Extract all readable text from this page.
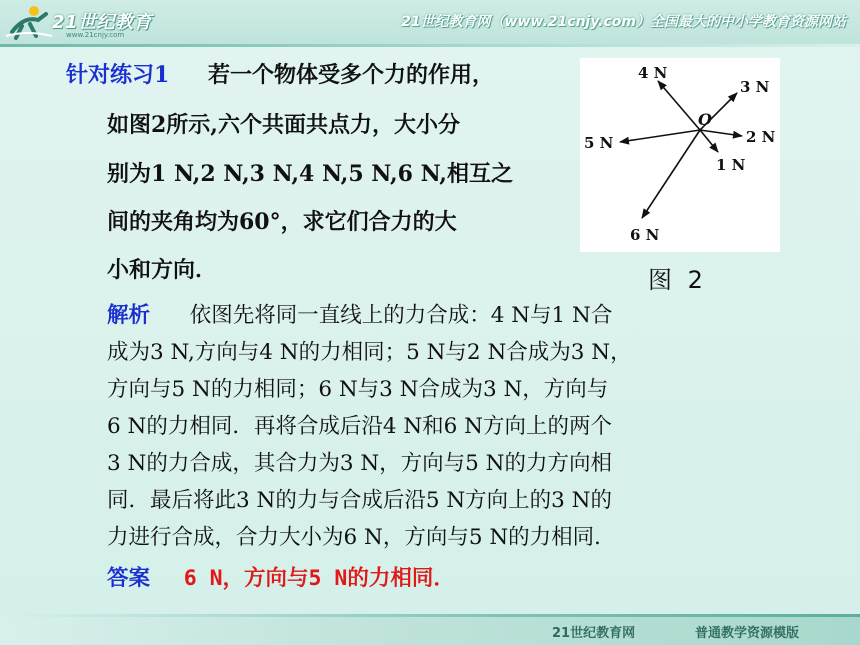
21世纪教育
www.21cnjy.com
21世纪教育网（www.21cnjy.com）全国最大的中小学教育资源网站
针对练习1 若一个物体受多个力的作用，
如图2所示,六个共面共点力，大小分
别为1 N,2 N,3 N,4 N,5 N,6 N,相互之
间的夹角均为60°，求它们合力的大
小和方向．
O
4 N
3 N
5 N	2 N
1 N
6 N
图 2
解析 依图先将同一直线上的力合成：4 N与1 N合
成为3 N,方向与4 N的力相同；5 N与2 N合成为3 N，
方向与5 N的力相同；6 N与3 N合成为3 N，方向与
6 N的力相同．再将合成后沿4 N和6 N方向上的两个
3 N的力合成，其合力为3 N，方向与5 N的力方向相
同．最后将此3 N的力与合成后沿5 N方向上的3 N的
力进行合成，合力大小为6 N，方向与5 N的力相同．
答案 6 N，方向与5 N的力相同．
21世纪教育网	普通教学资源模版
